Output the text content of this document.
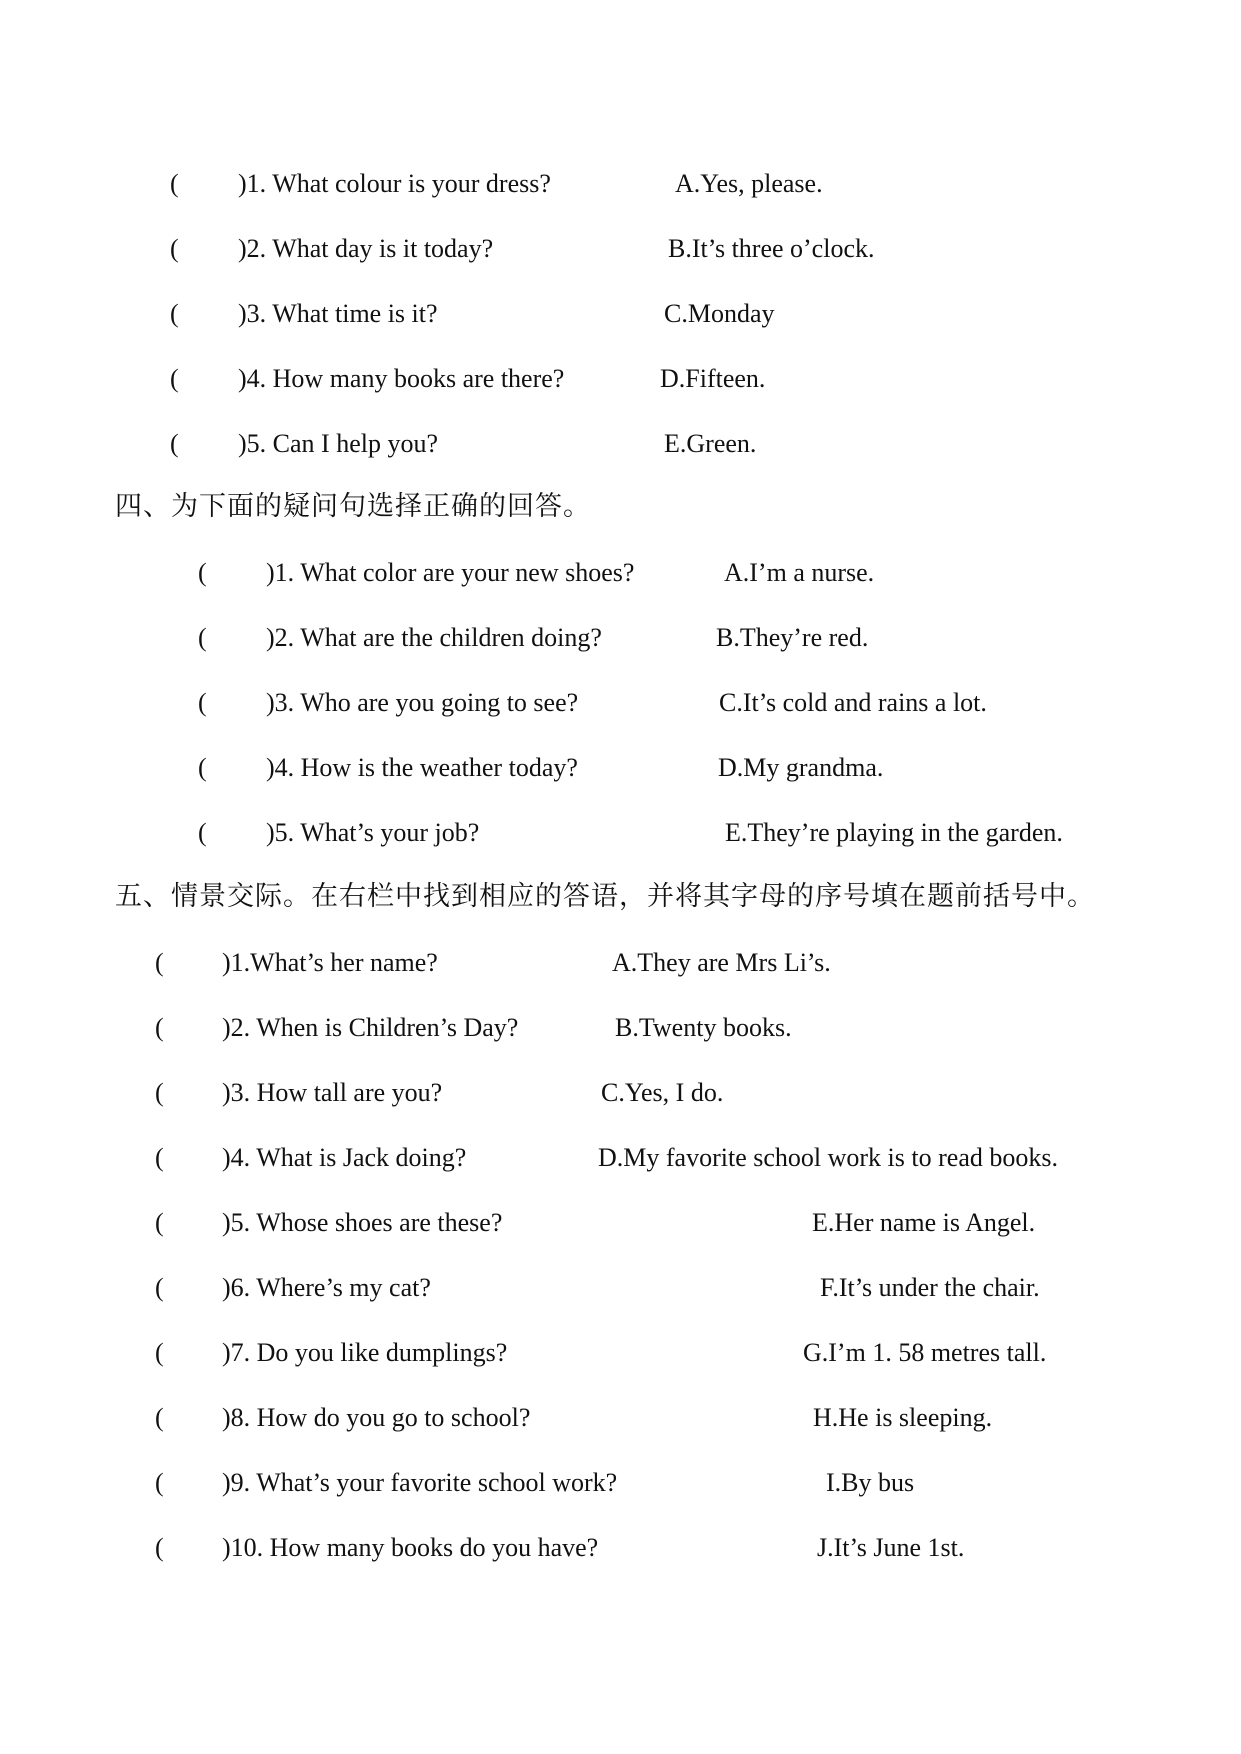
( )1. What colour is your dress?	A.Yes, please.
( )2. What day is it today?	B.It’s three o’clock.
( )3. What time is it?	C.Monday
( )4. How many books are there?	D.Fifteen.
( )5. Can I help you?	E.Green.
四、为下面的疑问句选择正确的回答。
( )1. What color are your new shoes?	A.I’m a nurse.
( )2. What are the children doing?	B.They’re red.
( )3. Who are you going to see?	C.It’s cold and rains a lot.
( )4. How is the weather today?	D.My grandma.
( )5. What’s your job?	E.They’re playing in the garden.
五、情景交际。在右栏中找到相应的答语，并将其字母的序号填在题前括号中。
( )1.What’s her name?	A.They are Mrs Li’s.
( )2. When is Children’s Day?	B.Twenty books.
( )3. How tall are you?	C.Yes, I do.
( )4. What is Jack doing?	D.My favorite school work is to read books.
( )5. Whose shoes are these?	E.Her name is Angel.
( )6. Where’s my cat?	F.It’s under the chair.
( )7. Do you like dumplings?	G.I’m 1. 58 metres tall.
( )8. How do you go to school?	H.He is sleeping.
( )9. What’s your favorite school work?	I.By bus
( )10. How many books do you have?	J.It’s June 1st.
